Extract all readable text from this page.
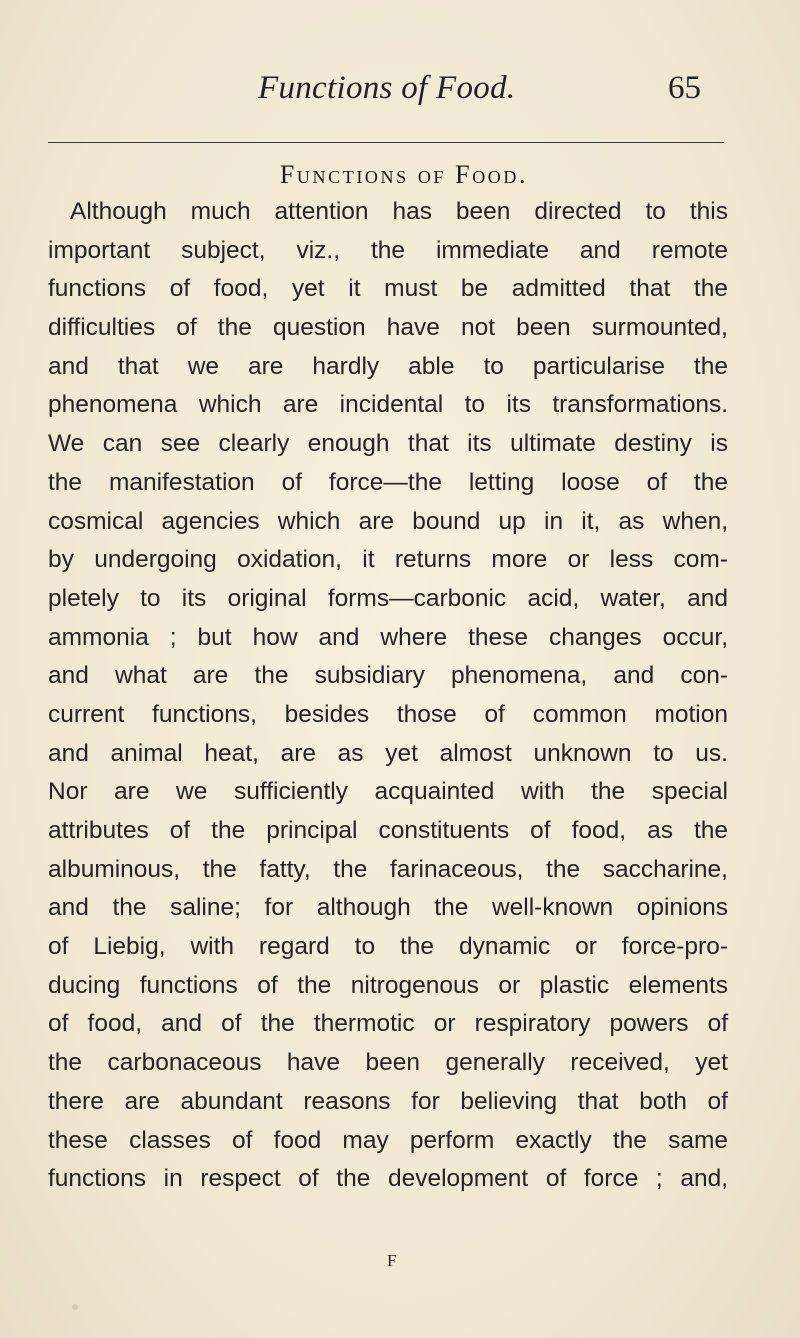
Functions of Food.	65
Functions of Food.
Although much attention has been directed to this
important subject, viz., the immediate and remote
functions of food, yet it must be admitted that the
difficulties of the question have not been surmounted,
and that we are hardly able to particularise the
phenomena which are incidental to its transformations.
We can see clearly enough that its ultimate destiny is
the manifestation of force—the letting loose of the
cosmical agencies which are bound up in it, as when,
by undergoing oxidation, it returns more or less com-
pletely to its original forms—carbonic acid, water, and
ammonia ; but how and where these changes occur,
and what are the subsidiary phenomena, and con-
current functions, besides those of common motion
and animal heat, are as yet almost unknown to us.
Nor are we sufficiently acquainted with the special
attributes of the principal constituents of food, as the
albuminous, the fatty, the farinaceous, the saccharine,
and the saline; for although the well-known opinions
of Liebig, with regard to the dynamic or force-pro-
ducing functions of the nitrogenous or plastic elements
of food, and of the thermotic or respiratory powers of
the carbonaceous have been generally received, yet
there are abundant reasons for believing that both of
these classes of food may perform exactly the same
functions in respect of the development of force ; and,
F
